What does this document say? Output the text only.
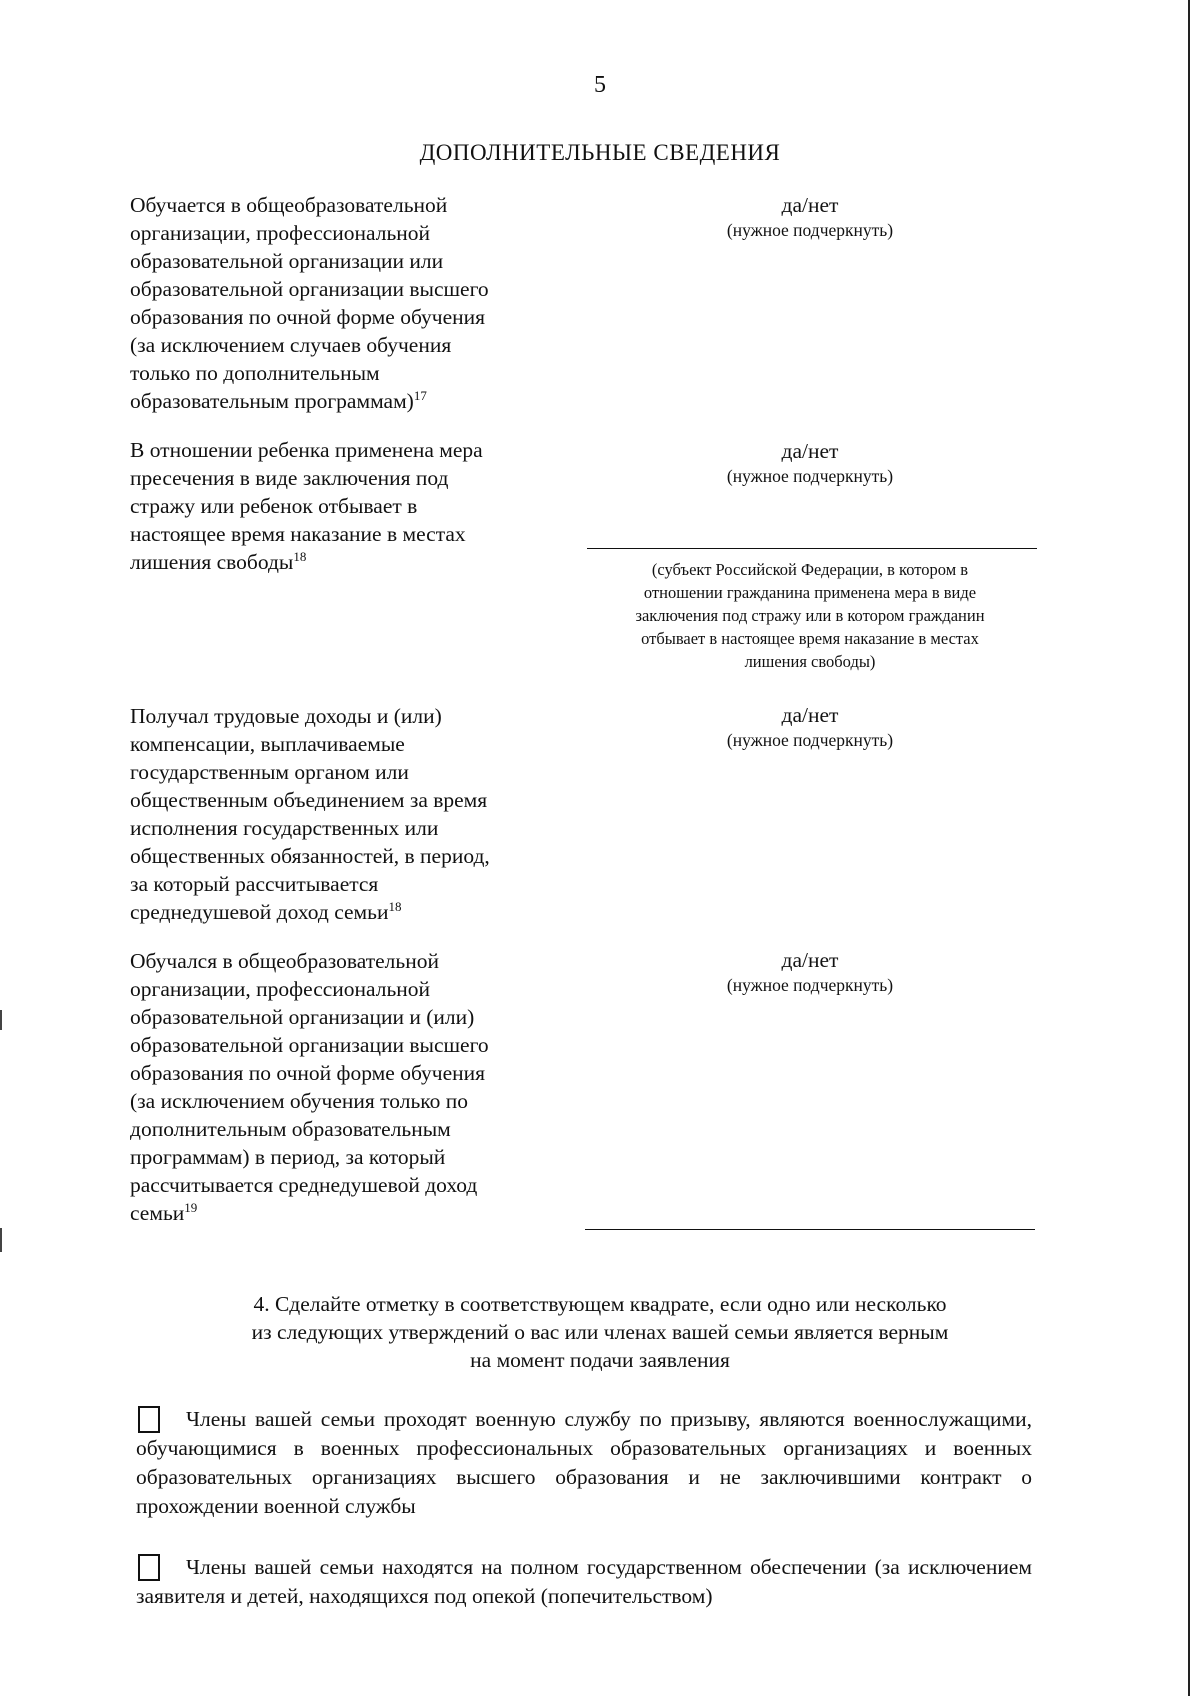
5
ДОПОЛНИТЕЛЬНЫЕ СВЕДЕНИЯ
Обучается в общеобразовательной
организации, профессиональной
образовательной организации или
образовательной организации высшего
образования по очной форме обучения
(за исключением случаев обучения
только по дополнительным
образовательным программам)$^{17}$
да/нет
(нужное подчеркнуть)
В отношении ребенка применена мера
пресечения в виде заключения под
стражу или ребенок отбывает в
настоящее время наказание в местах
лишения свободы$^{18}$
да/нет
(нужное подчеркнуть)
(субъект Российской Федерации, в котором в
отношении гражданина применена мера в виде
заключения под стражу или в котором гражданин
отбывает в настоящее время наказание в местах
лишения свободы)
Получал трудовые доходы и (или)
компенсации, выплачиваемые
государственным органом или
общественным объединением за время
исполнения государственных или
общественных обязанностей, в период,
за который рассчитывается
среднедушевой доход семьи$^{18}$
да/нет
(нужное подчеркнуть)
Обучался в общеобразовательной
организации, профессиональной
образовательной организации и (или)
образовательной организации высшего
образования по очной форме обучения
(за исключением обучения только по
дополнительным образовательным
программам) в период, за который
рассчитывается среднедушевой доход
семьи$^{19}$
да/нет
(нужное подчеркнуть)
4. Сделайте отметку в соответствующем квадрате, если одно или несколько
из следующих утверждений о вас или членах вашей семьи является верным
на момент подачи заявления
Члены вашей семьи проходят военную службу по призыву, являются военнослужащими, обучающимися в военных профессиональных образовательных организациях и военных образовательных организациях высшего образования и не заключившими контракт о прохождении военной службы
Члены вашей семьи находятся на полном государственном обеспечении (за исключением заявителя и детей, находящихся под опекой (попечительством)
